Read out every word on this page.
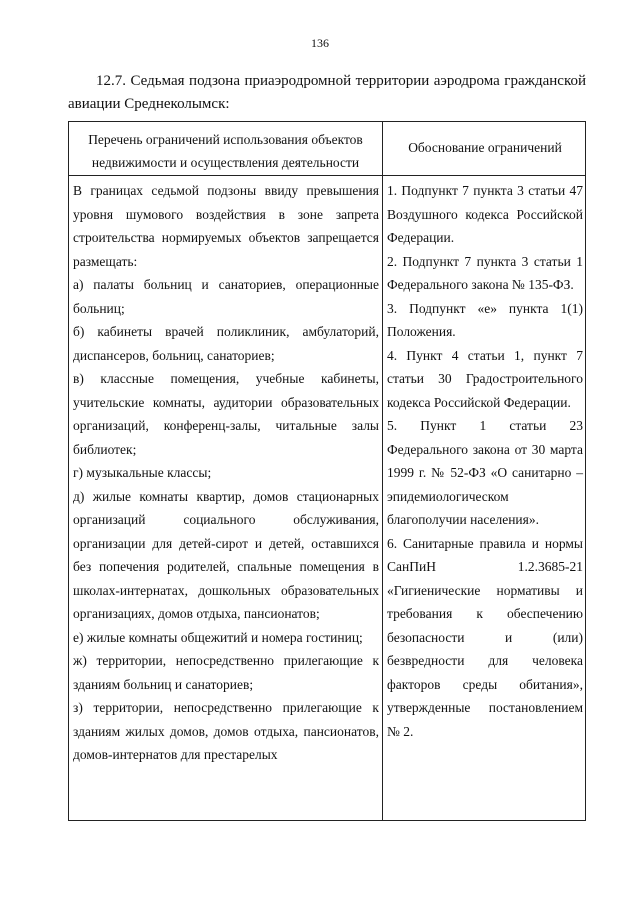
136
12.7. Седьмая подзона приаэродромной территории аэродрома гражданской авиации Среднеколымск:
Перечень ограничений использования объектов недвижимости и осуществления деятельности
Обоснование ограничений

В границах седьмой подзоны ввиду превышения уровня шумового воздействия в зоне запрета строительства нормируемых объектов запрещается размещать:

а) палаты больниц и санаториев, операционные больниц;

б) кабинеты врачей поликлиник, амбулаторий, диспансеров, больниц, санаториев;

в) классные помещения, учебные кабинеты, учительские комнаты, аудитории образовательных организаций, конференц-залы, читальные залы библиотек;

г) музыкальные классы;

д) жилые комнаты квартир, домов стационарных организаций социального обслуживания, организации для детей-сирот и детей, оставшихся без попечения родителей, спальные помещения в школах-интернатах, дошкольных образовательных организациях, домов отдыха, пансионатов;

е) жилые комнаты общежитий и номера гостиниц;

ж) территории, непосредственно прилегающие к зданиям больниц и санаториев;

з) территории, непосредственно прилегающие к зданиям жилых домов, домов отдыха, пансионатов, домов-интернатов для престарелых

1. Подпункт 7 пункта 3 статьи 47 Воздушного кодекса Российской Федерации.

2. Подпункт 7 пункта 3 статьи 1 Федерального закона № 135-ФЗ.

3. Подпункт «е» пункта 1(1) Положения.

4. Пункт 4 статьи 1, пункт 7 статьи 30 Градостроительного кодекса Российской Федерации.

5. Пункт 1 статьи 23 Федерального закона от 30 марта 1999 г. № 52-ФЗ «О санитарно – эпидемиологическом благополучии населения».

6. Санитарные правила и нормы СанПиН 1.2.3685-21 «Гигиенические нормативы и требования к обеспечению безопасности и (или) безвредности для человека факторов среды обитания», утвержденные постановлением № 2.
